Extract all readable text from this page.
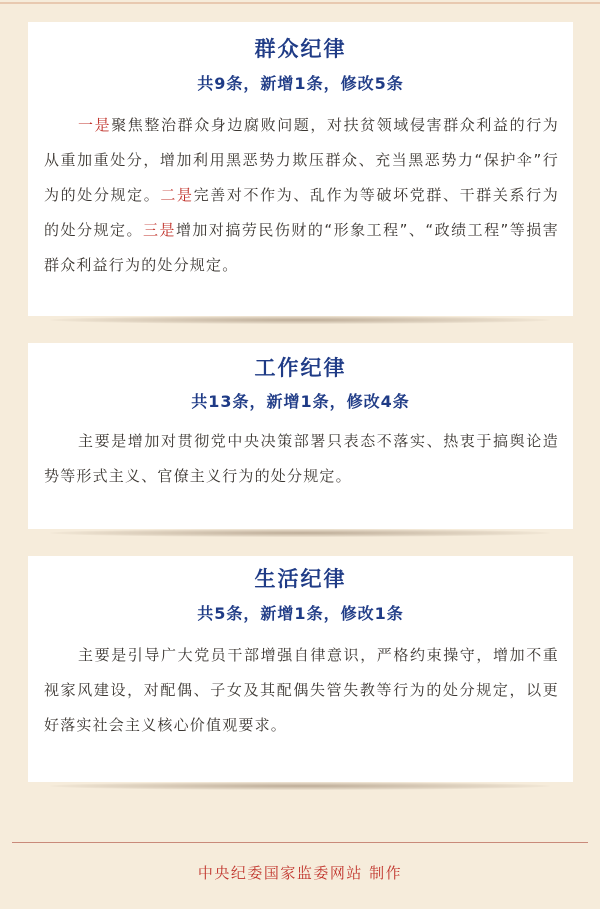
群众纪律

共9条，新增1条，修改5条

一是聚焦整治群众身边腐败问题，对扶贫领域侵害群众利益的行为从重加重处分，增加利用黑恶势力欺压群众、充当黑恶势力“保护伞”行为的处分规定。二是完善对不作为、乱作为等破坏党群、干群关系行为的处分规定。三是增加对搞劳民伤财的“形象工程”、“政绩工程”等损害群众利益行为的处分规定。

工作纪律

共13条，新增1条，修改4条

主要是增加对贯彻党中央决策部署只表态不落实、热衷于搞舆论造势等形式主义、官僚主义行为的处分规定。

生活纪律

共5条，新增1条，修改1条

主要是引导广大党员干部增强自律意识，严格约束操守，增加不重视家风建设，对配偶、子女及其配偶失管失教等行为的处分规定，以更好落实社会主义核心价值观要求。

中央纪委国家监委网站 制作
